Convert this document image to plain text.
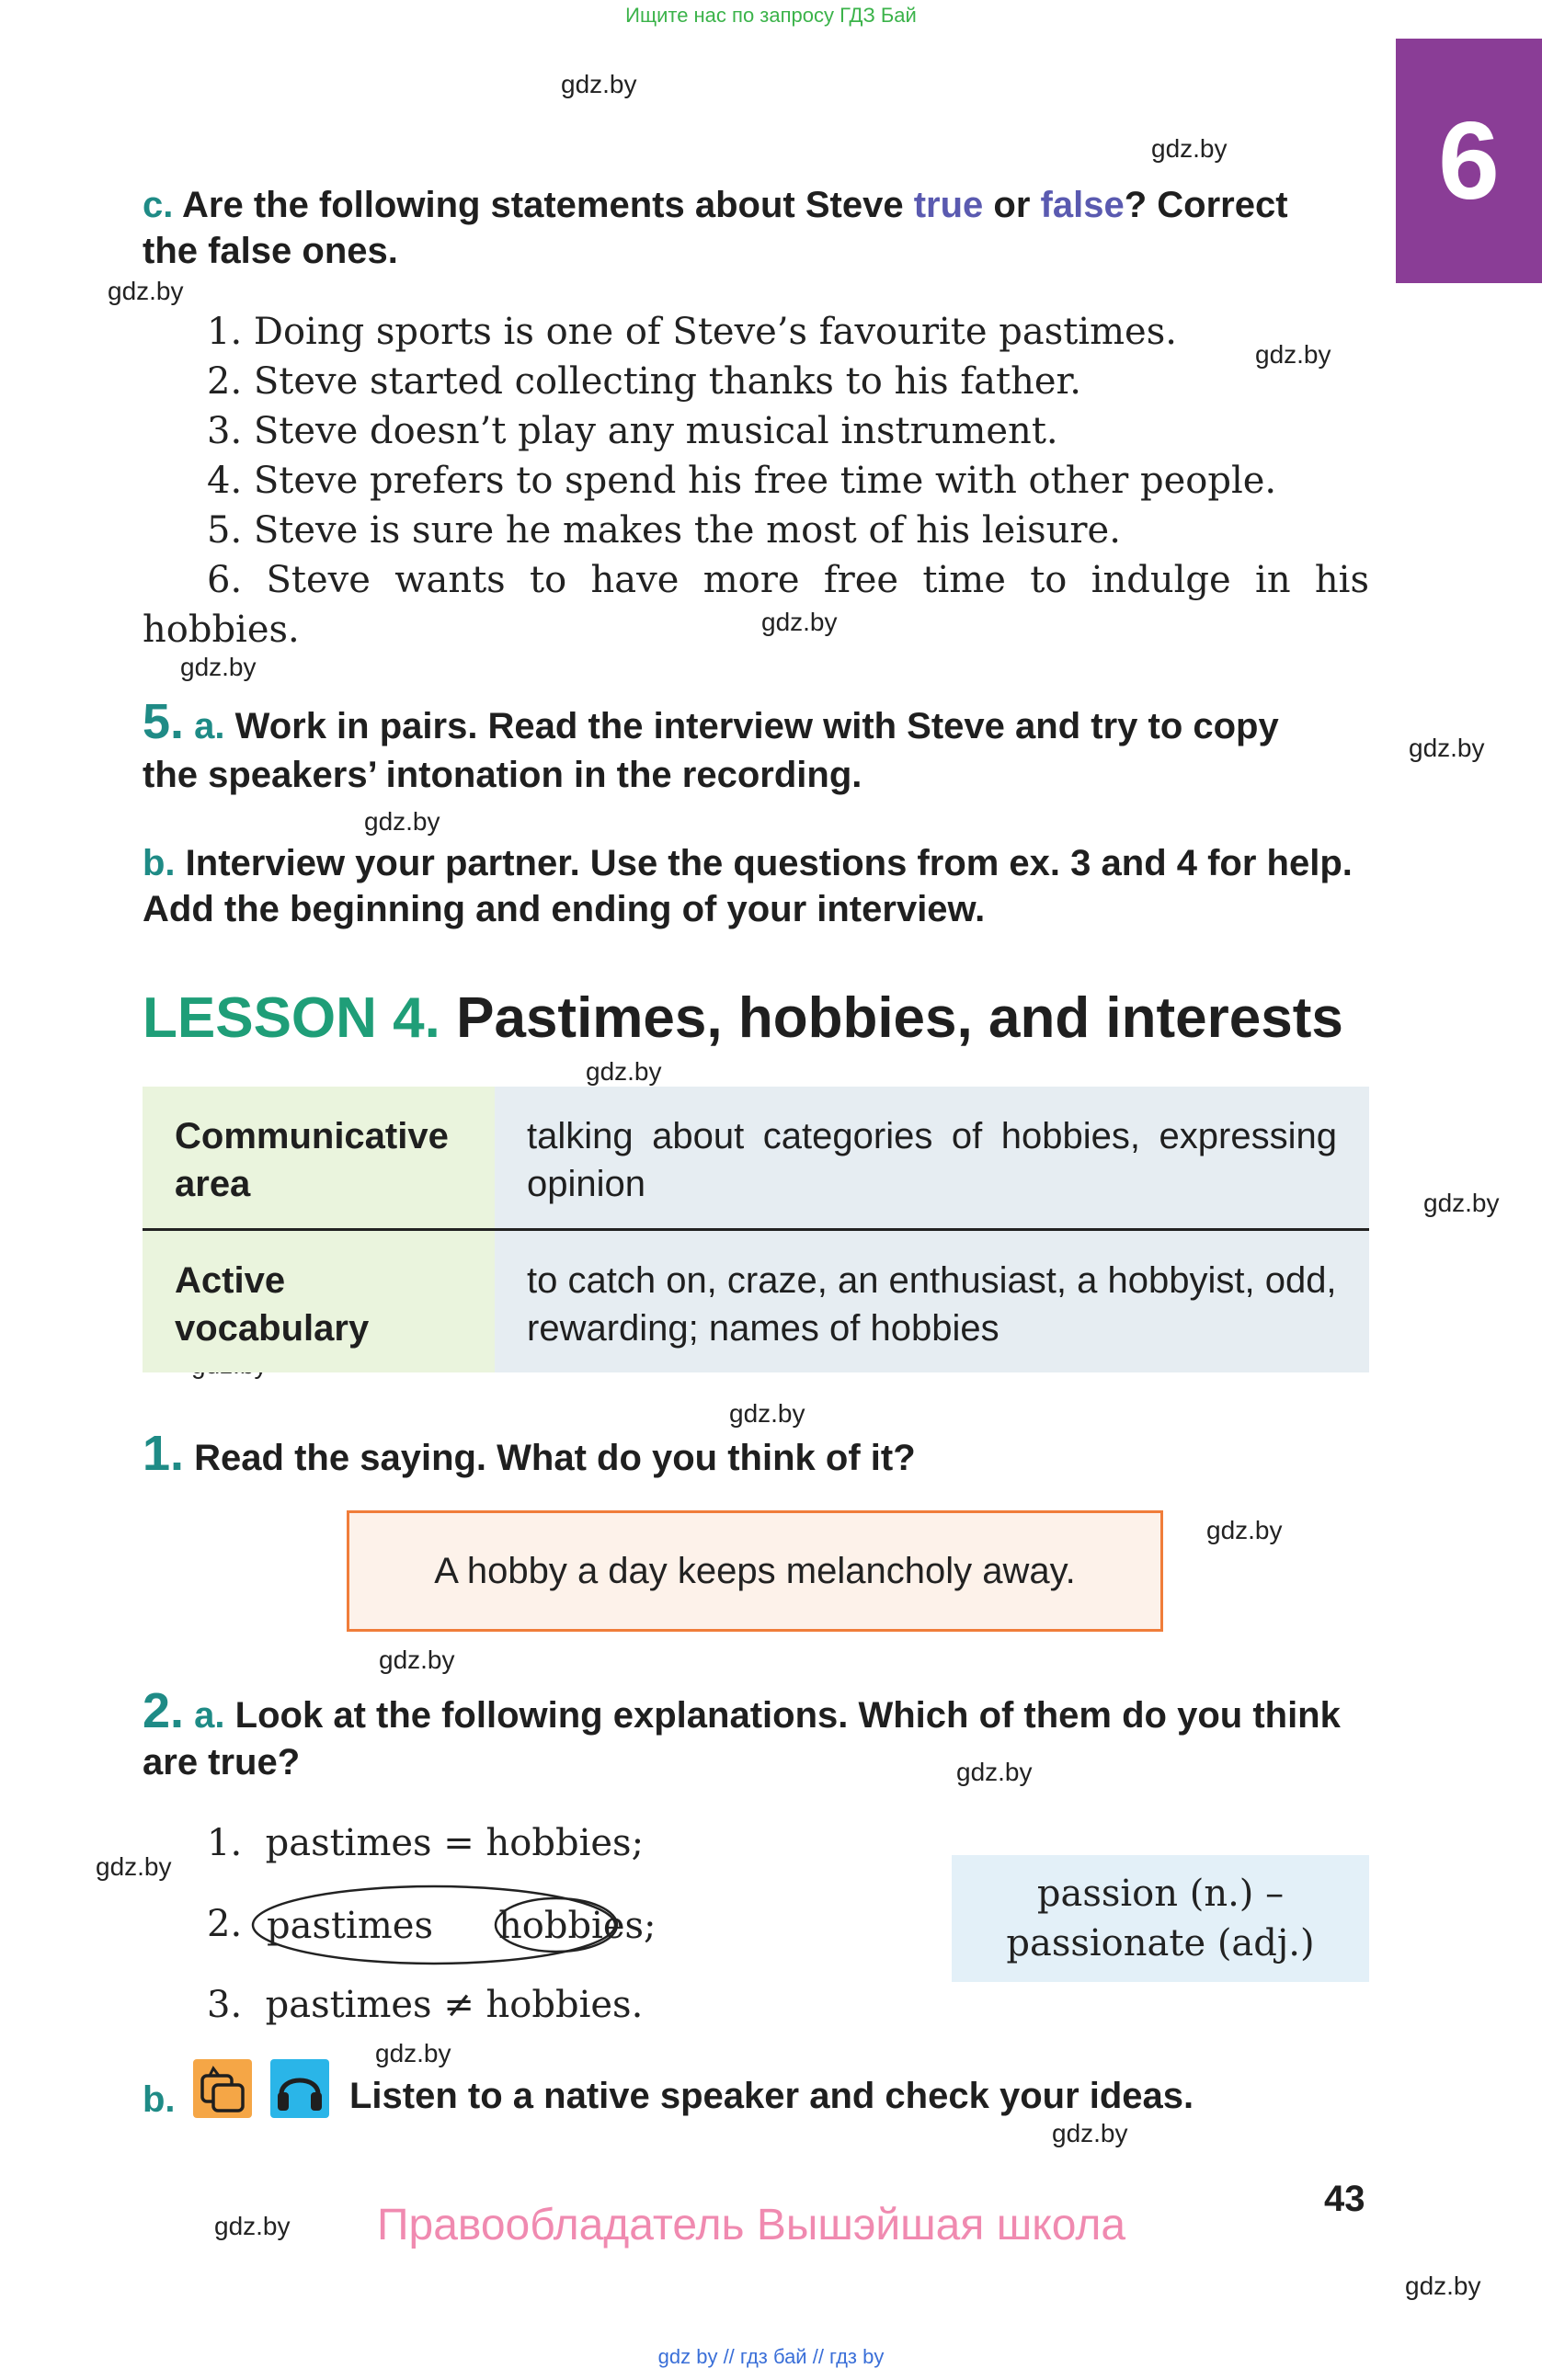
Ищите нас по запросу ГДЗ Бай
6
gdz.by
gdz.by
gdz.by
gdz.by
gdz.by
gdz.by
gdz.by
gdz.by
gdz.by
gdz.by
gdz.by
gdz.by
gdz.by
gdz.by
gdz.by
gdz.by
gdz.by
gdz.by
gdz.by
c. Are the following statements about Steve true or false? Correct
the false ones.
1. Doing sports is one of Steve’s favourite pastimes.
2. Steve started collecting thanks to his father.
3. Steve doesn’t play any musical instrument.
4. Steve prefers to spend his free time with other people.
5. Steve is sure he makes the most of his leisure.
6. Steve wants to have more free time to indulge in his
hobbies.
5. a. Work in pairs. Read the interview with Steve and try to copy
the speakers’ intonation in the recording.
b. Interview your partner. Use the questions from ex. 3 and 4 for help.
Add the beginning and ending of your interview.
LESSON 4. Pastimes, hobbies, and interests
Communicative area	talking about categories of hobbies, expressing opinion
Active vocabulary	to catch on, craze, an enthusiast, a hobbyist, odd, rewarding; names of hobbies
1. Read the saying. What do you think of it?
A hobby a day keeps melancholy away.
2. a. Look at the following explanations. Which of them do you think
are true?
1. pastimes = hobbies;
2. pastimes hobbies;
3. pastimes ≠ hobbies.
passion (n.) –
passionate (adj.)
b.	Listen to a native speaker and check your ideas.
43
Правообладатель Вышэйшая школа
gdz by // гдз бай // гдз by
